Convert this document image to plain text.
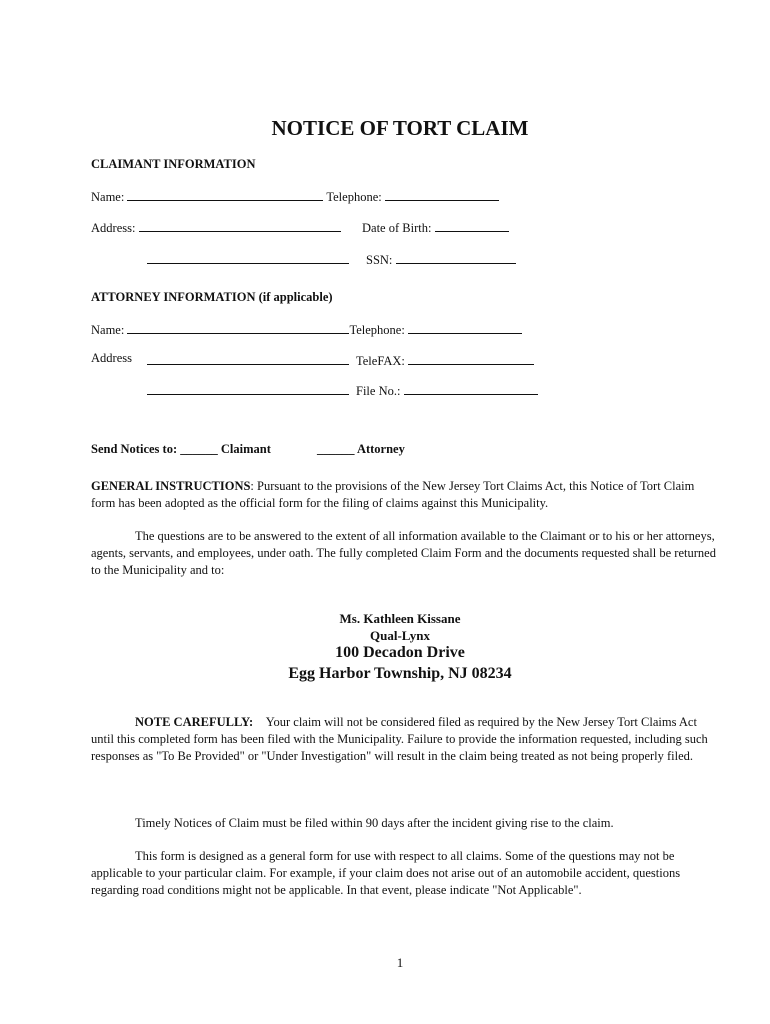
NOTICE OF TORT CLAIM
CLAIMANT INFORMATION
Name:	Telephone:
Address:	Date of Birth:
SSN:
ATTORNEY INFORMATION (if applicable)
Name:	Telephone:
Address	TeleFAX:
File No.:
Send Notices to: ______ Claimant	______ Attorney
GENERAL INSTRUCTIONS: Pursuant to the provisions of the New Jersey Tort Claims Act, this Notice of Tort Claim form has been adopted as the official form for the filing of claims against this Municipality.
The questions are to be answered to the extent of all information available to the Claimant or to his or her attorneys, agents, servants, and employees, under oath. The fully completed Claim Form and the documents requested shall be returned to the Municipality and to:
Ms. Kathleen Kissane
Qual-Lynx
100 Decadon Drive
Egg Harbor Township, NJ 08234
NOTE CAREFULLY: Your claim will not be considered filed as required by the New Jersey Tort Claims Act until this completed form has been filed with the Municipality. Failure to provide the information requested, including such responses as "To Be Provided" or "Under Investigation" will result in the claim being treated as not being properly filed.
Timely Notices of Claim must be filed within 90 days after the incident giving rise to the claim.
This form is designed as a general form for use with respect to all claims. Some of the questions may not be applicable to your particular claim. For example, if your claim does not arise out of an automobile accident, questions regarding road conditions might not be applicable. In that event, please indicate "Not Applicable".
1
